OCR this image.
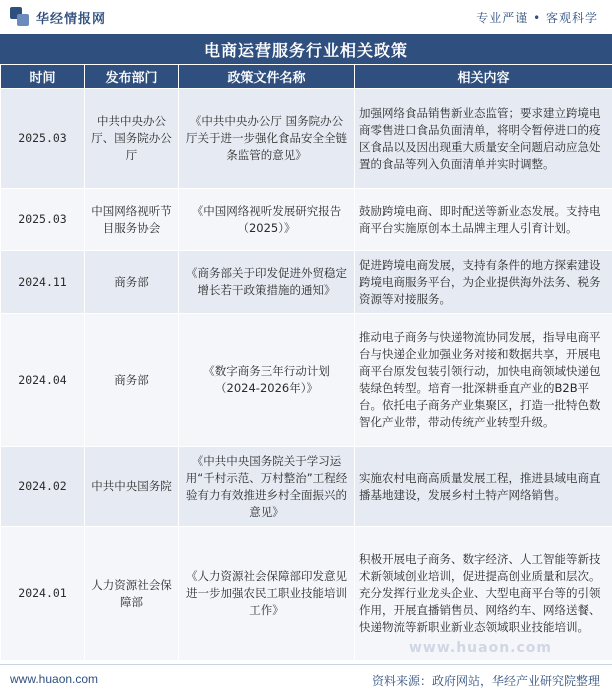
华经情报网	专业严谨 • 客观科学
电商运营服务行业相关政策
时间	发布部门	政策文件名称	相关内容
2025.03	中共中央办公厅、国务院办公厅	《中共中央办公厅 国务院办公厅关于进一步强化食品安全全链条监管的意见》	加强网络食品销售新业态监管；要求建立跨境电商零售进口食品负面清单，将明令暂停进口的疫区食品以及因出现重大质量安全问题启动应急处置的食品等列入负面清单并实时调整。
2025.03	中国网络视听节目服务协会	《中国网络视听发展研究报告（2025）》	鼓励跨境电商、即时配送等新业态发展。支持电商平台实施原创本土品牌主理人引育计划。
2024.11	商务部	《商务部关于印发促进外贸稳定增长若干政策措施的通知》	促进跨境电商发展，支持有条件的地方探索建设跨境电商服务平台，为企业提供海外法务、税务资源等对接服务。
2024.04	商务部	《数字商务三年行动计划（2024-2026年）》	推动电子商务与快递物流协同发展，指导电商平台与快递企业加强业务对接和数据共享，开展电商平台原发包装引领行动，加快电商领域快递包装绿色转型。培育一批深耕垂直产业的B2B平台。依托电子商务产业集聚区，打造一批特色数智化产业带，带动传统产业转型升级。
2024.02	中共中央国务院	《中共中央国务院关于学习运用“千村示范、万村整治”工程经验有力有效推进乡村全面振兴的意见》	实施农村电商高质量发展工程，推进县域电商直播基地建设，发展乡村土特产网络销售。
2024.01	人力资源社会保障部	《人力资源社会保障部印发意见进一步加强农民工职业技能培训工作》	积极开展电子商务、数字经济、人工智能等新技术新领域创业培训，促进提高创业质量和层次。充分发挥行业龙头企业、大型电商平台等的引领作用，开展直播销售员、网络约车、网络送餐、快递物流等新职业新业态领域职业技能培训。
www.huaon.com
www.huaon.com	资料来源：政府网站，华经产业研究院整理
